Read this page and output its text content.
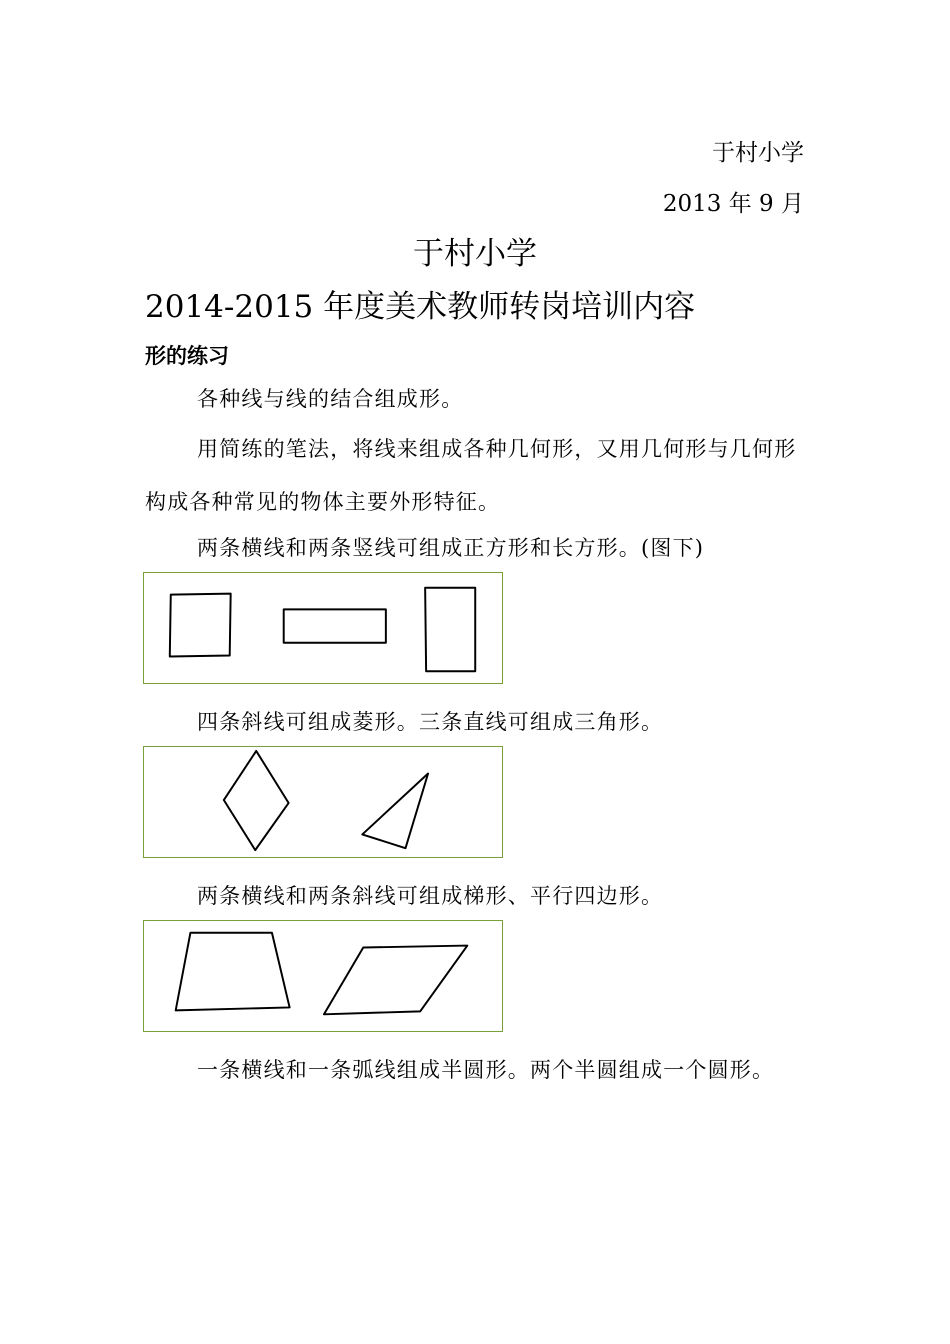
于村小学
2013 年 9 月
于村小学
2014-2015 年度美术教师转岗培训内容
形的练习
各种线与线的结合组成形。
用简练的笔法，将线来组成各种几何形，又用几何形与几何形构成各种常见的物体主要外形特征。
两条横线和两条竖线可组成正方形和长方形。(图下)
四条斜线可组成菱形。三条直线可组成三角形。
两条横线和两条斜线可组成梯形、平行四边形。
一条横线和一条弧线组成半圆形。两个半圆组成一个圆形。
